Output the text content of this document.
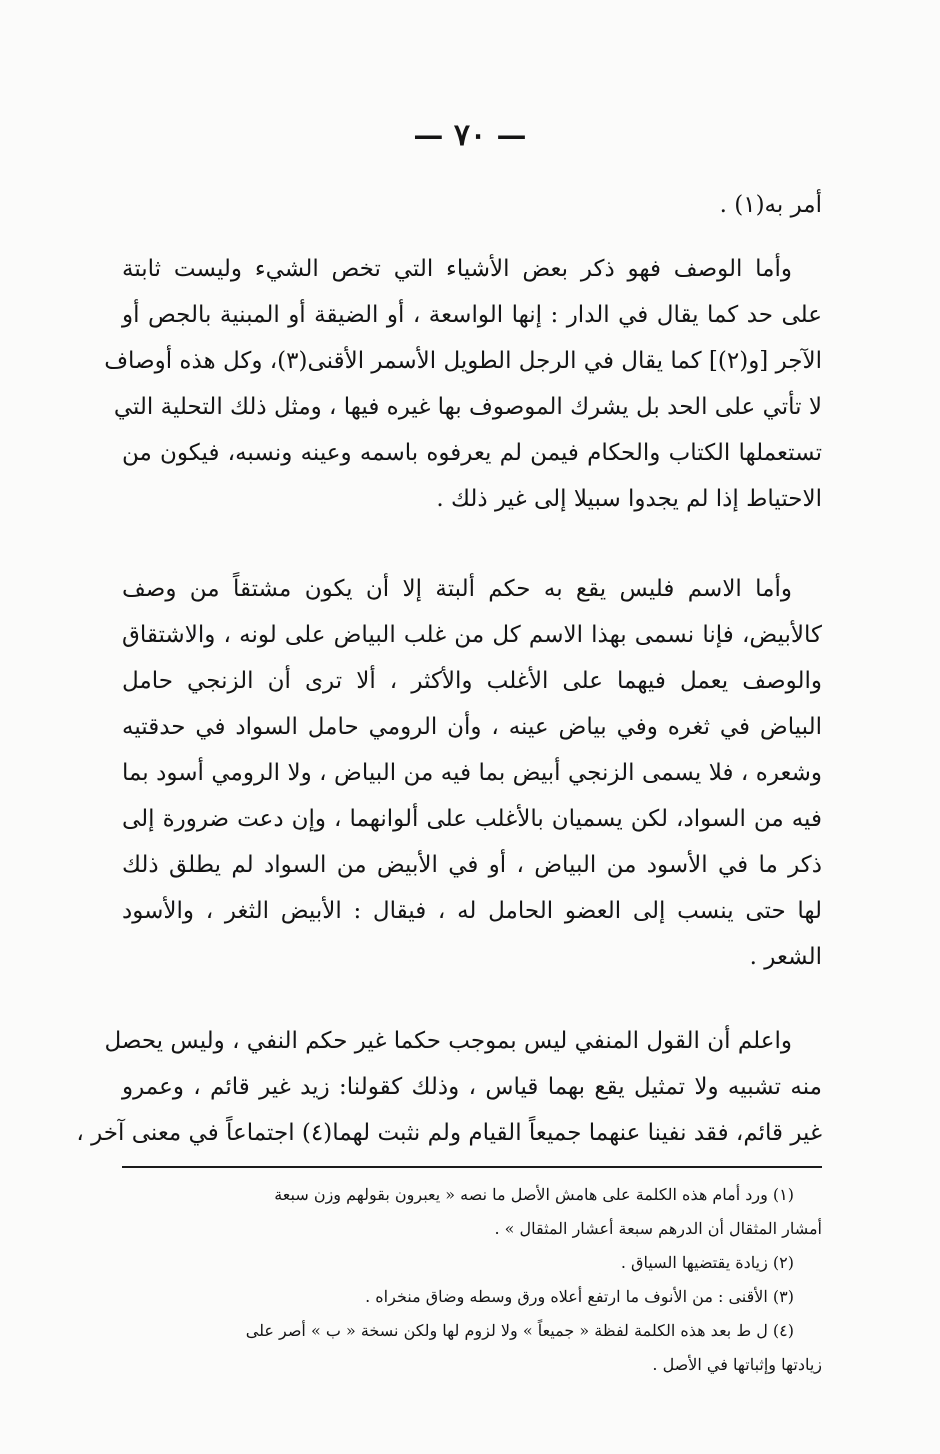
— ٧٠ —
أمر به(١) .
وأما الوصف فهو ذكر بعض الأشياء التي تخص الشيء وليست ثابتة
على حد كما يقال في الدار : إنها الواسعة ، أو الضيقة أو المبنية بالجص أو
الآجر [و(٢)] كما يقال في الرجل الطويل الأسمر الأقنى(٣)، وكل هذه أوصاف
لا تأتي على الحد بل يشرك الموصوف بها غيره فيها ، ومثل ذلك التحلية التي
تستعملها الكتاب والحكام فيمن لم يعرفوه باسمه وعينه ونسبه، فيكون من
الاحتياط إذا لم يجدوا سبيلا إلى غير ذلك .
وأما الاسم فليس يقع به حكم ألبتة إلا أن يكون مشتقاً من وصف
كالأبيض، فإنا نسمى بهذا الاسم كل من غلب البياض على لونه ، والاشتقاق
والوصف يعمل فيهما على الأغلب والأكثر ، ألا ترى أن الزنجي حامل
البياض في ثغره وفي بياض عينه ، وأن الرومي حامل السواد في حدقتيه
وشعره ، فلا يسمى الزنجي أبيض بما فيه من البياض ، ولا الرومي أسود بما
فيه من السواد، لكن يسميان بالأغلب على ألوانهما ، وإن دعت ضرورة إلى
ذكر ما في الأسود من البياض ، أو في الأبيض من السواد لم يطلق ذلك
لها حتى ينسب إلى العضو الحامل له ، فيقال : الأبيض الثغر ، والأسود
الشعر .
واعلم أن القول المنفي ليس بموجب حكما غير حكم النفي ، وليس يحصل
منه تشبيه ولا تمثيل يقع بهما قياس ، وذلك كقولنا: زيد غير قائم ، وعمرو
غير قائم، فقد نفينا عنهما جميعاً القيام ولم نثبت لهما(٤) اجتماعاً في معنى آخر ،
(١) ورد أمام هذه الكلمة على هامش الأصل ما نصه « يعبرون بقولهم وزن سبعة
أمشار المثقال أن الدرهم سبعة أعشار المثقال » .
(٢) زيادة يقتضيها السياق .
(٣) الأقنى : من الأنوف ما ارتفع أعلاه ورق وسطه وضاق منخراه .
(٤) ل ط بعد هذه الكلمة لفظة « جميعاً » ولا لزوم لها ولكن نسخة « ب » أصر على
زيادتها وإثباتها في الأصل .
